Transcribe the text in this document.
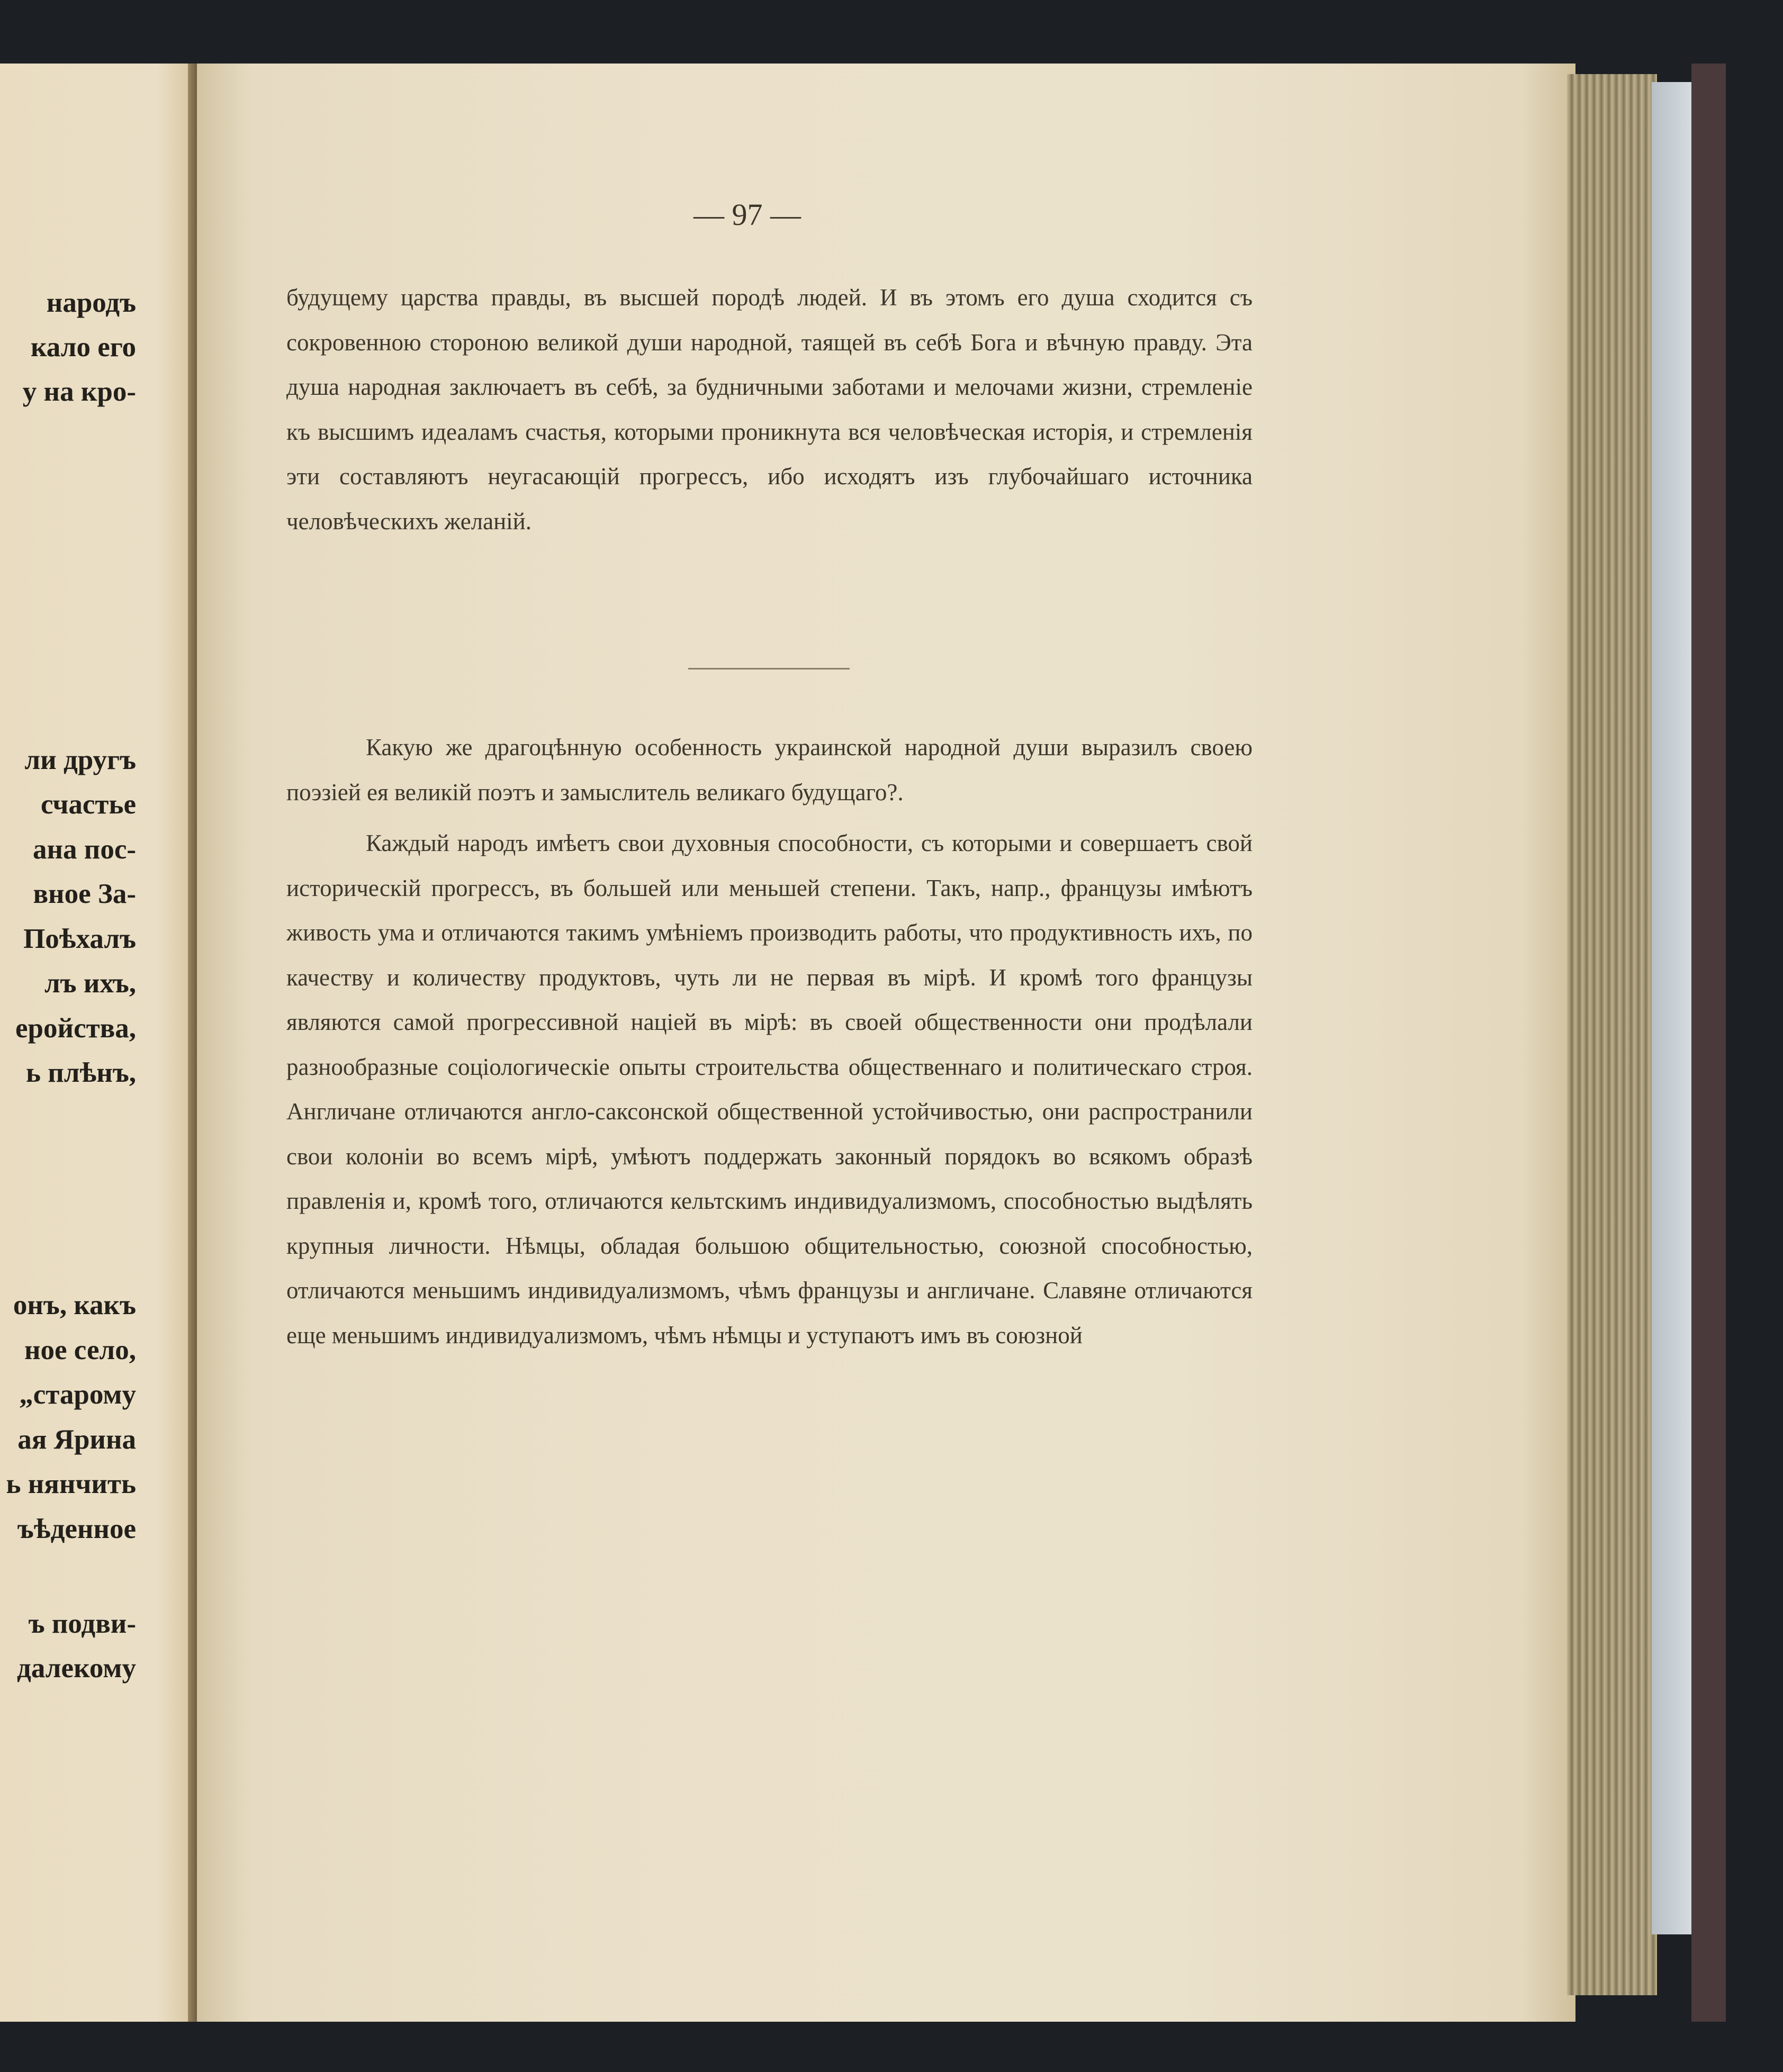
народъ

кало его

у на кро-

ли другъ

счастье

ана пос-

вное За-

Поѣхалъ

лъ ихъ,

еройства,

ь плѣнъ,

онъ, какъ

ное село,

„старому

ая Ярина

ь нянчить

ъѣденное

ъ подви-

далекому

— 97 —

будущему царства правды, въ высшей породѣ людей. И въ этомъ его душа сходится съ сокровенною стороною великой души народной, таящей въ себѣ Бога и вѣчную правду. Эта душа народная заключаетъ въ себѣ, за будничными заботами и мелочами жизни, стремленіе къ высшимъ идеаламъ счастья, которыми проникнута вся человѣческая исторія, и стремленія эти составляютъ неугасающій прогрессъ, ибо исходятъ изъ глубочайшаго источника человѣческихъ желаній.

Какую же драгоцѣнную особенность украинской народной души выразилъ своею поэзіей ея великій поэтъ и замыслитель великаго будущаго?.

Каждый народъ имѣетъ свои духовныя способности, съ которыми и совершаетъ свой историческій прогрессъ, въ большей или меньшей степени. Такъ, напр., французы имѣютъ живость ума и отличаются такимъ умѣніемъ производить работы, что продуктивность ихъ, по качеству и количеству продуктовъ, чуть ли не первая въ мірѣ. И кромѣ того французы являются самой прогрессивной націей въ мірѣ: въ своей общественности они продѣлали разнообразные соціологическіе опыты строительства общественнаго и политическаго строя. Англичане отличаются англо-саксонской общественной устойчивостью, они распространили свои колоніи во всемъ мірѣ, умѣютъ поддержать законный порядокъ во всякомъ образѣ правленія и, кромѣ того, отличаются кельтскимъ индивидуализмомъ, способностью выдѣлять крупныя личности. Нѣмцы, обладая большою общительностью, союзной способностью, отличаются меньшимъ индивидуализмомъ, чѣмъ французы и англичане. Славяне отличаются еще меньшимъ индивидуализмомъ, чѣмъ нѣмцы и уступаютъ имъ въ союзной
